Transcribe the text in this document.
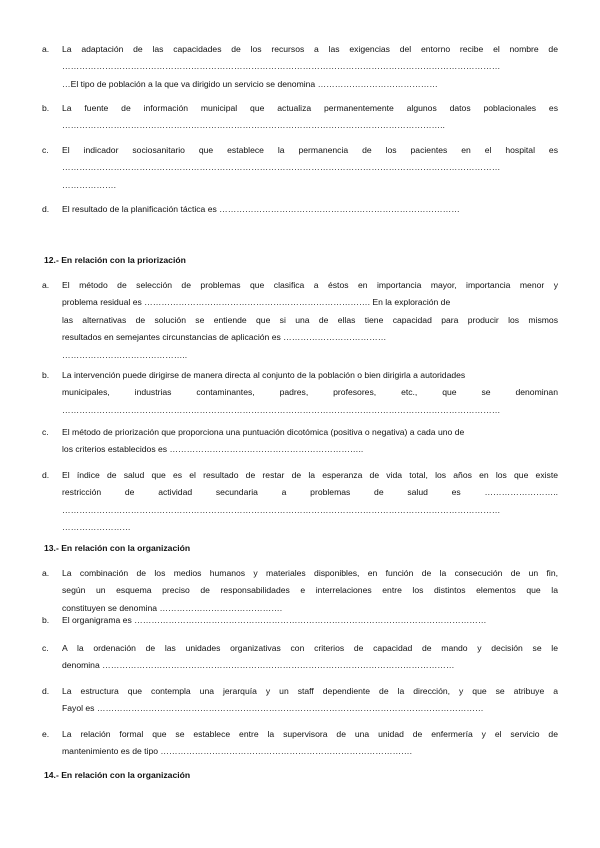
a. La adaptación de las capacidades de los recursos a las exigencias del entorno recibe el nombre de
………………………………………………………………………………………………………………………………………
…El tipo de población a la que va dirigido un servicio se denomina ……………………………………
b. La fuente de información municipal que actualiza permanentemente algunos datos poblacionales es
……………………………………………………………………………………………………………………..
c. El indicador sociosanitario que establece la permanencia de los pacientes en el hospital es
………………………………………………………………………………………………………………………………………
……………….
d. El resultado de la planificación táctica es …………………………………………………………………………
12.- En relación con la priorización
a. El método de selección de problemas que clasifica a éstos en importancia mayor, importancia menor y
problema residual es ……………………………………………………………………. En la exploración de
las alternativas de solución se entiende que si una de ellas tiene capacidad para producir los mismos
resultados en semejantes circunstancias de aplicación es ………………………………
……………………………………..
b. La intervención puede dirigirse de manera directa al conjunto de la población o bien dirigirla a autoridades
municipales, industrias contaminantes, padres, profesores, etc., que se denominan
………………………………………………………………………………………………………………………………………
c. El método de priorización que proporciona una puntuación dicotómica (positiva o negativa) a cada uno de
los criterios establecidos es …………………………………………………………..
d. El índice de salud que es el resultado de restar de la esperanza de vida total, los años en los que existe
restricción de actividad secundaria a problemas de salud es ……………………..
………………………………………………………………………………………………………………………………………
……………………
13.- En relación con la organización
a. La combinación de los medios humanos y materiales disponibles, en función de la consecución de un fin,
según un esquema preciso de responsabilidades e interrelaciones entre los distintos elementos que la
constituyen se denomina …………………………………….
b. El organigrama es ……………………………………………………………………………………………………………
c. A la ordenación de las unidades organizativas con criterios de capacidad de mando y decisión se le
denomina ……………………………………………………………………………………………………………
d. La estructura que contempla una jerarquía y un staff dependiente de la dirección, y que se atribuye a
Fayol es ………………………………………………………………………………………………………………………
e. La relación formal que se establece entre la supervisora de una unidad de enfermería y el servicio de
mantenimiento es de tipo …………………………………………………………………………….
14.- En relación con la organización
